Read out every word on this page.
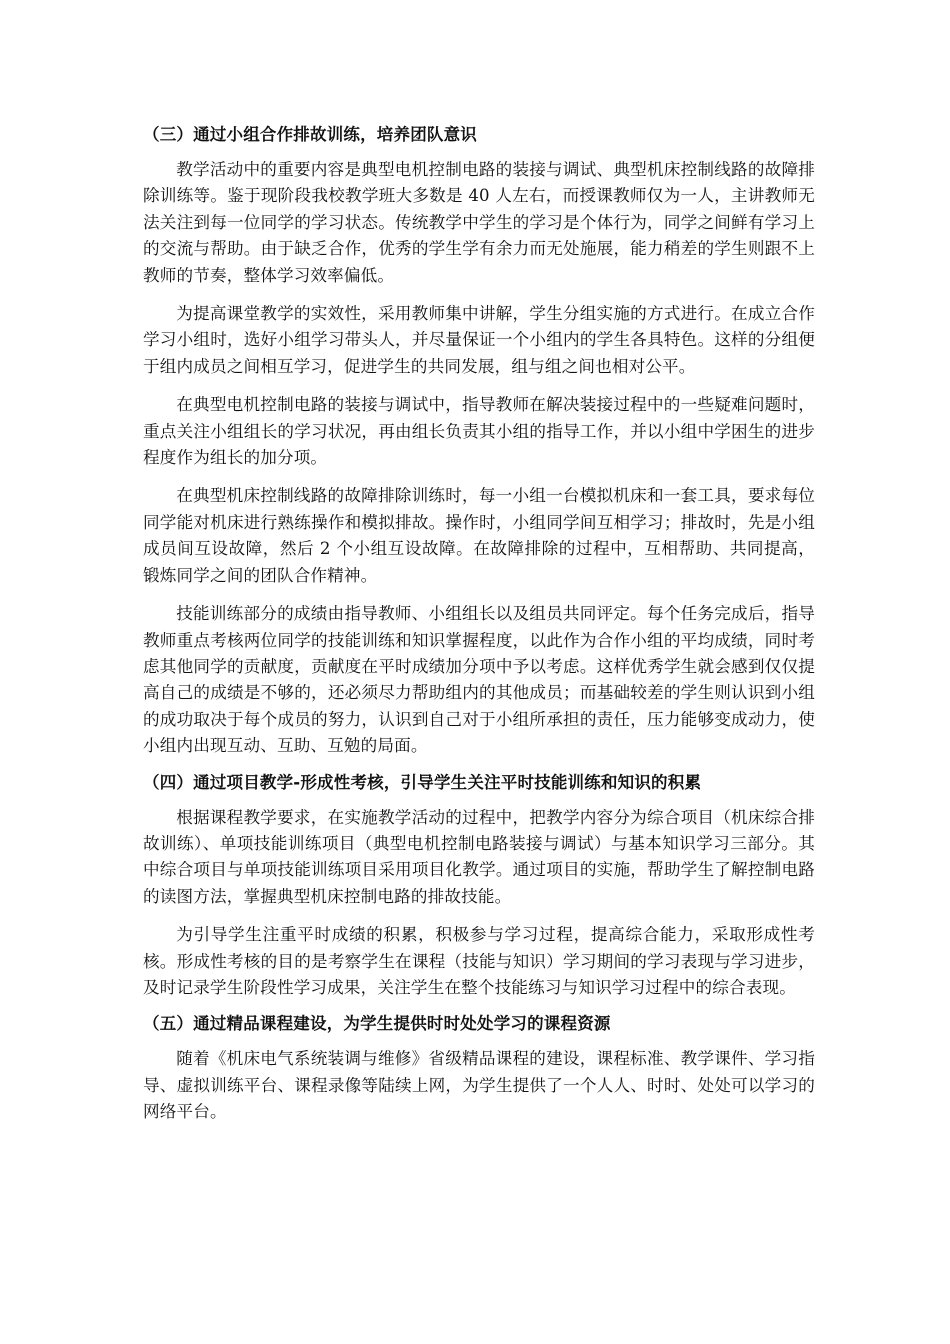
（三）通过小组合作排故训练，培养团队意识

教学活动中的重要内容是典型电机控制电路的装接与调试、典型机床控制线路的故障排除训练等。鉴于现阶段我校教学班大多数是 40 人左右，而授课教师仅为一人，主讲教师无法关注到每一位同学的学习状态。传统教学中学生的学习是个体行为，同学之间鲜有学习上的交流与帮助。由于缺乏合作，优秀的学生学有余力而无处施展，能力稍差的学生则跟不上教师的节奏，整体学习效率偏低。

为提高课堂教学的实效性，采用教师集中讲解，学生分组实施的方式进行。在成立合作学习小组时，选好小组学习带头人，并尽量保证一个小组内的学生各具特色。这样的分组便于组内成员之间相互学习，促进学生的共同发展，组与组之间也相对公平。

在典型电机控制电路的装接与调试中，指导教师在解决装接过程中的一些疑难问题时，重点关注小组组长的学习状况，再由组长负责其小组的指导工作，并以小组中学困生的进步程度作为组长的加分项。

在典型机床控制线路的故障排除训练时，每一小组一台模拟机床和一套工具，要求每位同学能对机床进行熟练操作和模拟排故。操作时，小组同学间互相学习；排故时，先是小组成员间互设故障，然后 2 个小组互设故障。在故障排除的过程中，互相帮助、共同提高，锻炼同学之间的团队合作精神。

技能训练部分的成绩由指导教师、小组组长以及组员共同评定。每个任务完成后，指导教师重点考核两位同学的技能训练和知识掌握程度，以此作为合作小组的平均成绩，同时考虑其他同学的贡献度，贡献度在平时成绩加分项中予以考虑。这样优秀学生就会感到仅仅提高自己的成绩是不够的，还必须尽力帮助组内的其他成员；而基础较差的学生则认识到小组的成功取决于每个成员的努力，认识到自己对于小组所承担的责任，压力能够变成动力，使小组内出现互动、互助、互勉的局面。

（四）通过项目教学-形成性考核，引导学生关注平时技能训练和知识的积累

根据课程教学要求，在实施教学活动的过程中，把教学内容分为综合项目（机床综合排故训练）、单项技能训练项目（典型电机控制电路装接与调试）与基本知识学习三部分。其中综合项目与单项技能训练项目采用项目化教学。通过项目的实施，帮助学生了解控制电路的读图方法，掌握典型机床控制电路的排故技能。

为引导学生注重平时成绩的积累，积极参与学习过程，提高综合能力，采取形成性考核。形成性考核的目的是考察学生在课程（技能与知识）学习期间的学习表现与学习进步，及时记录学生阶段性学习成果，关注学生在整个技能练习与知识学习过程中的综合表现。

（五）通过精品课程建设，为学生提供时时处处学习的课程资源

随着《机床电气系统装调与维修》省级精品课程的建设，课程标准、教学课件、学习指导、虚拟训练平台、课程录像等陆续上网，为学生提供了一个人人、时时、处处可以学习的网络平台。
